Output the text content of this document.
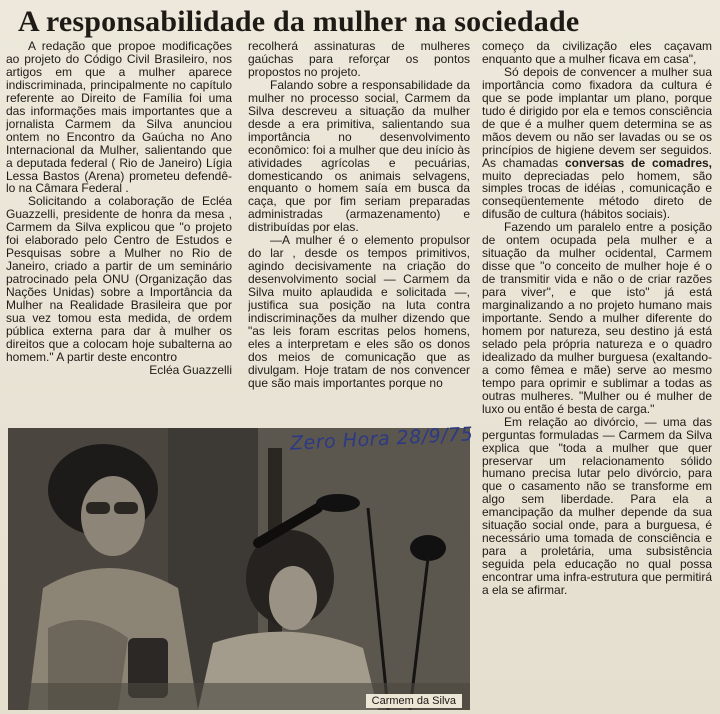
A responsabilidade da mulher na sociedade

A redação que propoe modificações ao projeto do Código Civil Brasileiro, nos artigos em que a mulher aparece indiscriminada, principalmente no capítulo referente ao Direito de Família foi uma das informações mais importantes que a jornalista Carmem da Silva anunciou ontem no Encontro da Gaúcha no Ano Internacional da Mulher, salientando que a deputada federal ( Rio de Janeiro) Lígia Lessa Bastos (Arena) prometeu defendê-lo na Câmara Federal .

Solicitando a colaboração de Ecléa Guazzelli, presidente de honra da mesa , Carmem da Silva explicou que "o projeto foi elaborado pelo Centro de Estudos e Pesquisas sobre a Mulher no Rio de Janeiro, criado a partir de um seminário patrocinado pela ONU (Organização das Nações Unidas) sobre a Importância da Mulher na Realidade Brasileira que por sua vez tomou esta medida, de ordem pública externa para dar à mulher os direitos que a colocam hoje subalterna ao homem." A partir deste encontro

Ecléa Guazzelli

recolherá assinaturas de mulheres gaúchas para reforçar os pontos propostos no projeto.

Falando sobre a responsabilidade da mulher no processo social, Carmem da Silva descreveu a situação da mulher desde a era primitiva, salientando sua importância no desenvolvimento econômico: foi a mulher que deu início às atividades agrícolas e pecuárias, domesticando os animais selvagens, enquanto o homem saía em busca da caça, que por fim seriam preparadas administradas (armazenamento) e distribuídas por elas.

—A mulher é o elemento propulsor do lar , desde os tempos primitivos, agindo decisivamente na criação do desenvolvimento social — Carmem da Silva muito aplaudida e solicitada —, justifica sua posição na luta contra indiscriminações da mulher dizendo que "as leis foram escritas pelos homens, eles a interpretam e eles são os donos dos meios de comunicação que as divulgam. Hoje tratam de nos convencer que são mais importantes porque no

começo da civilização eles caçavam enquanto que a mulher ficava em casa",

Só depois de convencer a mulher sua importância como fixadora da cultura é que se pode implantar um plano, porque tudo é dirigido por ela e temos consciência de que é a mulher quem determina se as mãos devem ou não ser lavadas ou se os princípios de higiene devem ser seguidos. As chamadas conversas de comadres, muito depreciadas pelo homem, são simples trocas de idéias , comunicação e conseqüentemente método direto de difusão de cultura (hábitos sociais).

Fazendo um paralelo entre a posição de ontem ocupada pela mulher e a situação da mulher ocidental, Carmem disse que "o conceito de mulher hoje é o de transmitir vida e não o de criar razões para viver", e que isto" já está marginalizando a no projeto humano mais importante. Sendo a mulher diferente do homem por natureza, seu destino já está selado pela própria natureza e o quadro idealizado da mulher burguesa (exaltando-a como fêmea e mãe) serve ao mesmo tempo para oprimir e sublimar a todas as outras mulheres. "Mulher ou é mulher de luxo ou então é besta de carga."

Em relação ao divórcio, — uma das perguntas formuladas — Carmem da Silva explica que "toda a mulher que quer preservar um relacionamento sólido humano precisa lutar pelo divórcio, para que o casamento não se transforme em algo sem liberdade. Para ela a emancipação da mulher depende da sua situação social onde, para a burguesa, é necessário uma tomada de consciência e para a proletária, uma subsistência seguida pela educação no qual possa encontrar uma infra-estrutura que permitirá a ela se afirmar.

Carmem da Silva
Zero Hora 28/9/75
